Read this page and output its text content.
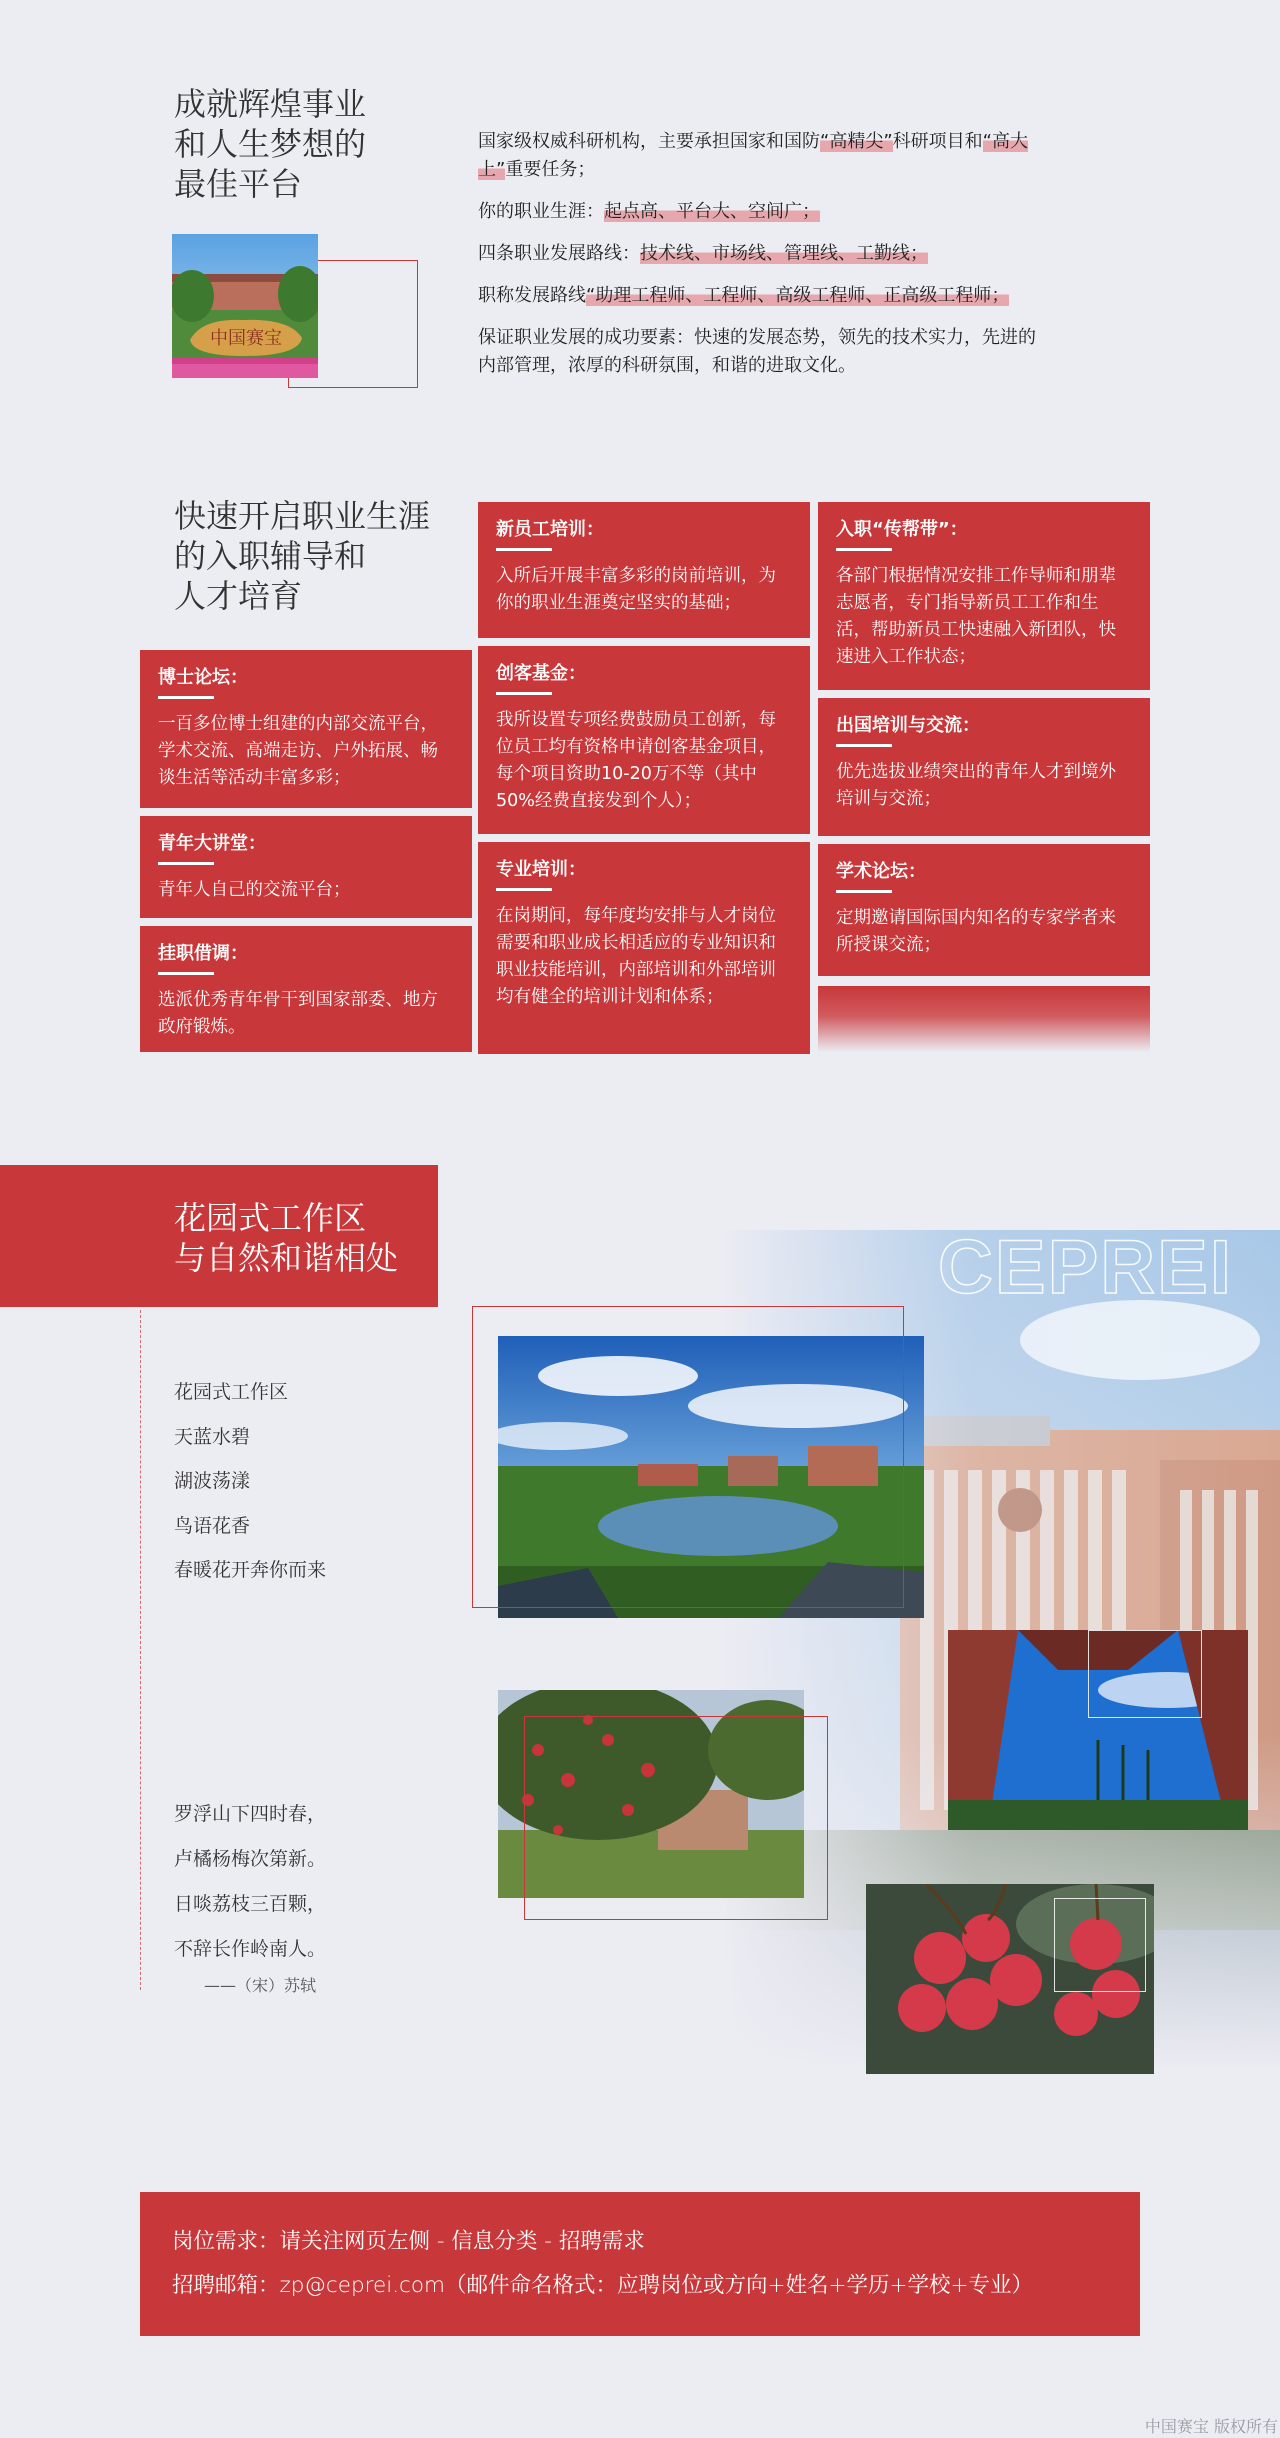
成就辉煌事业
和人生梦想的
最佳平台
中国赛宝

国家级权威科研机构，主要承担国家和国防“高精尖”科研项目和“高大上”重要任务；

你的职业生涯：起点高、平台大、空间广；

四条职业发展路线：技术线、市场线、管理线、工勤线；

职称发展路线“助理工程师、工程师、高级工程师、正高级工程师；

保证职业发展的成功要素：快速的发展态势，领先的技术实力，先进的内部管理，浓厚的科研氛围，和谐的进取文化。

快速开启职业生涯
的入职辅导和
人才培育
博士论坛：

一百多位博士组建的内部交流平台，学术交流、高端走访、户外拓展、畅谈生活等活动丰富多彩；

青年大讲堂：

青年人自己的交流平台；

挂职借调：

选派优秀青年骨干到国家部委、地方政府锻炼。

新员工培训：

入所后开展丰富多彩的岗前培训，为你的职业生涯奠定坚实的基础；

创客基金：

我所设置专项经费鼓励员工创新，每位员工均有资格申请创客基金项目，每个项目资助10-20万不等（其中50%经费直接发到个人）；

专业培训：

在岗期间，每年度均安排与人才岗位需要和职业成长相适应的专业知识和职业技能培训，内部培训和外部培训均有健全的培训计划和体系；

入职“传帮带”：

各部门根据情况安排工作导师和朋辈志愿者，专门指导新员工工作和生活，帮助新员工快速融入新团队，快速进入工作状态；

出国培训与交流：

优先选拔业绩突出的青年人才到境外培训与交流；

学术论坛：

定期邀请国际国内知名的专家学者来所授课交流；

CEPREI
花园式工作区
与自然和谐相处
花园式工作区
天蓝水碧
湖波荡漾
鸟语花香
春暖花开奔你而来
罗浮山下四时春，
卢橘杨梅次第新。
日啖荔枝三百颗，
不辞长作岭南人。
——（宋）苏轼
岗位需求：请关注网页左侧 - 信息分类 - 招聘需求
招聘邮箱：zp@ceprei.com（邮件命名格式：应聘岗位或方向+姓名+学历+学校+专业）
中国赛宝 版权所有
